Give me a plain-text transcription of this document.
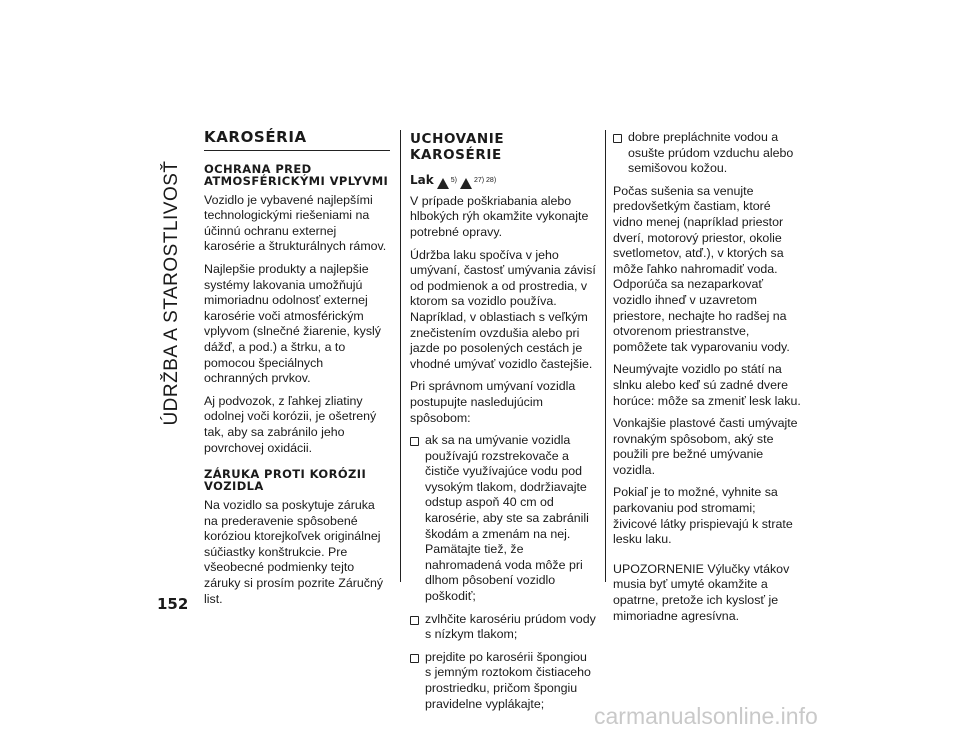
ÚDRŽBA A STAROSTLIVOSŤ
KAROSÉRIA
OCHRANA PRED ATMOSFÉRICKÝMI VPLYVMI

Vozidlo je vybavené najlepšími technologickými riešeniami na účinnú ochranu externej karosérie a štrukturálnych rámov.

Najlepšie produkty a najlepšie systémy lakovania umožňujú mimoriadnu odolnosť externej karosérie voči atmosférickým vplyvom (slnečné žiarenie, kyslý dážď, a pod.) a štrku, a to pomocou špeciálnych ochranných prvkov.

Aj podvozok, z ľahkej zliatiny odolnej voči korózii, je ošetrený tak, aby sa zabránilo jeho povrchovej oxidácii.

ZÁRUKA PROTI KORÓZII VOZIDLA

Na vozidlo sa poskytuje záruka na prederavenie spôsobené koróziou ktorejkoľvek originálnej súčiastky konštrukcie. Pre všeobecné podmienky tejto záruky si prosím pozrite Záručný list.

UCHOVANIE KAROSÉRIE
Lak 5) 27) 28)

V prípade poškriabania alebo hlbokých rýh okamžite vykonajte potrebné opravy.

Údržba laku spočíva v jeho umývaní, častosť umývania závisí od podmienok a od prostredia, v ktorom sa vozidlo používa. Napríklad, v oblastiach s veľkým znečistením ovzdušia alebo pri jazde po posolených cestách je vhodné umývať vozidlo častejšie.

Pri správnom umývaní vozidla postupujte nasledujúcim spôsobom:

ak sa na umývanie vozidla používajú rozstrekovače a čističe využívajúce vodu pod vysokým tlakom, dodržiavajte odstup aspoň 40 cm od karosérie, aby ste sa zabránili škodám a zmenám na nej. Pamätajte tiež, že nahromadená voda môže pri dlhom pôsobení vozidlo poškodiť;
zvlhčite karosériu prúdom vody s nízkym tlakom;
prejdite po karosérii špongiou s jemným roztokom čistiaceho prostriedku, pričom špongiu pravidelne vyplákajte;
dobre prepláchnite vodou a osušte prúdom vzduchu alebo semišovou kožou.

Počas sušenia sa venujte predovšetkým častiam, ktoré vidno menej (napríklad priestor dverí, motorový priestor, okolie svetlometov, atď.), v ktorých sa môže ľahko nahromadiť voda. Odporúča sa nezaparkovať vozidlo ihneď v uzavretom priestore, nechajte ho radšej na otvorenom priestranstve, pomôžete tak vyparovaniu vody.

Neumývajte vozidlo po státí na slnku alebo keď sú zadné dvere horúce: môže sa zmeniť lesk laku.

Vonkajšie plastové časti umývajte rovnakým spôsobom, aký ste použili pre bežné umývanie vozidla.

Pokiaľ je to možné, vyhnite sa parkovaniu pod stromami; živicové látky prispievajú k strate lesku laku.

UPOZORNENIE Výlučky vtákov musia byť umyté okamžite a opatrne, pretože ich kyslosť je mimoriadne agresívna.

152
carmanualsonline.info
